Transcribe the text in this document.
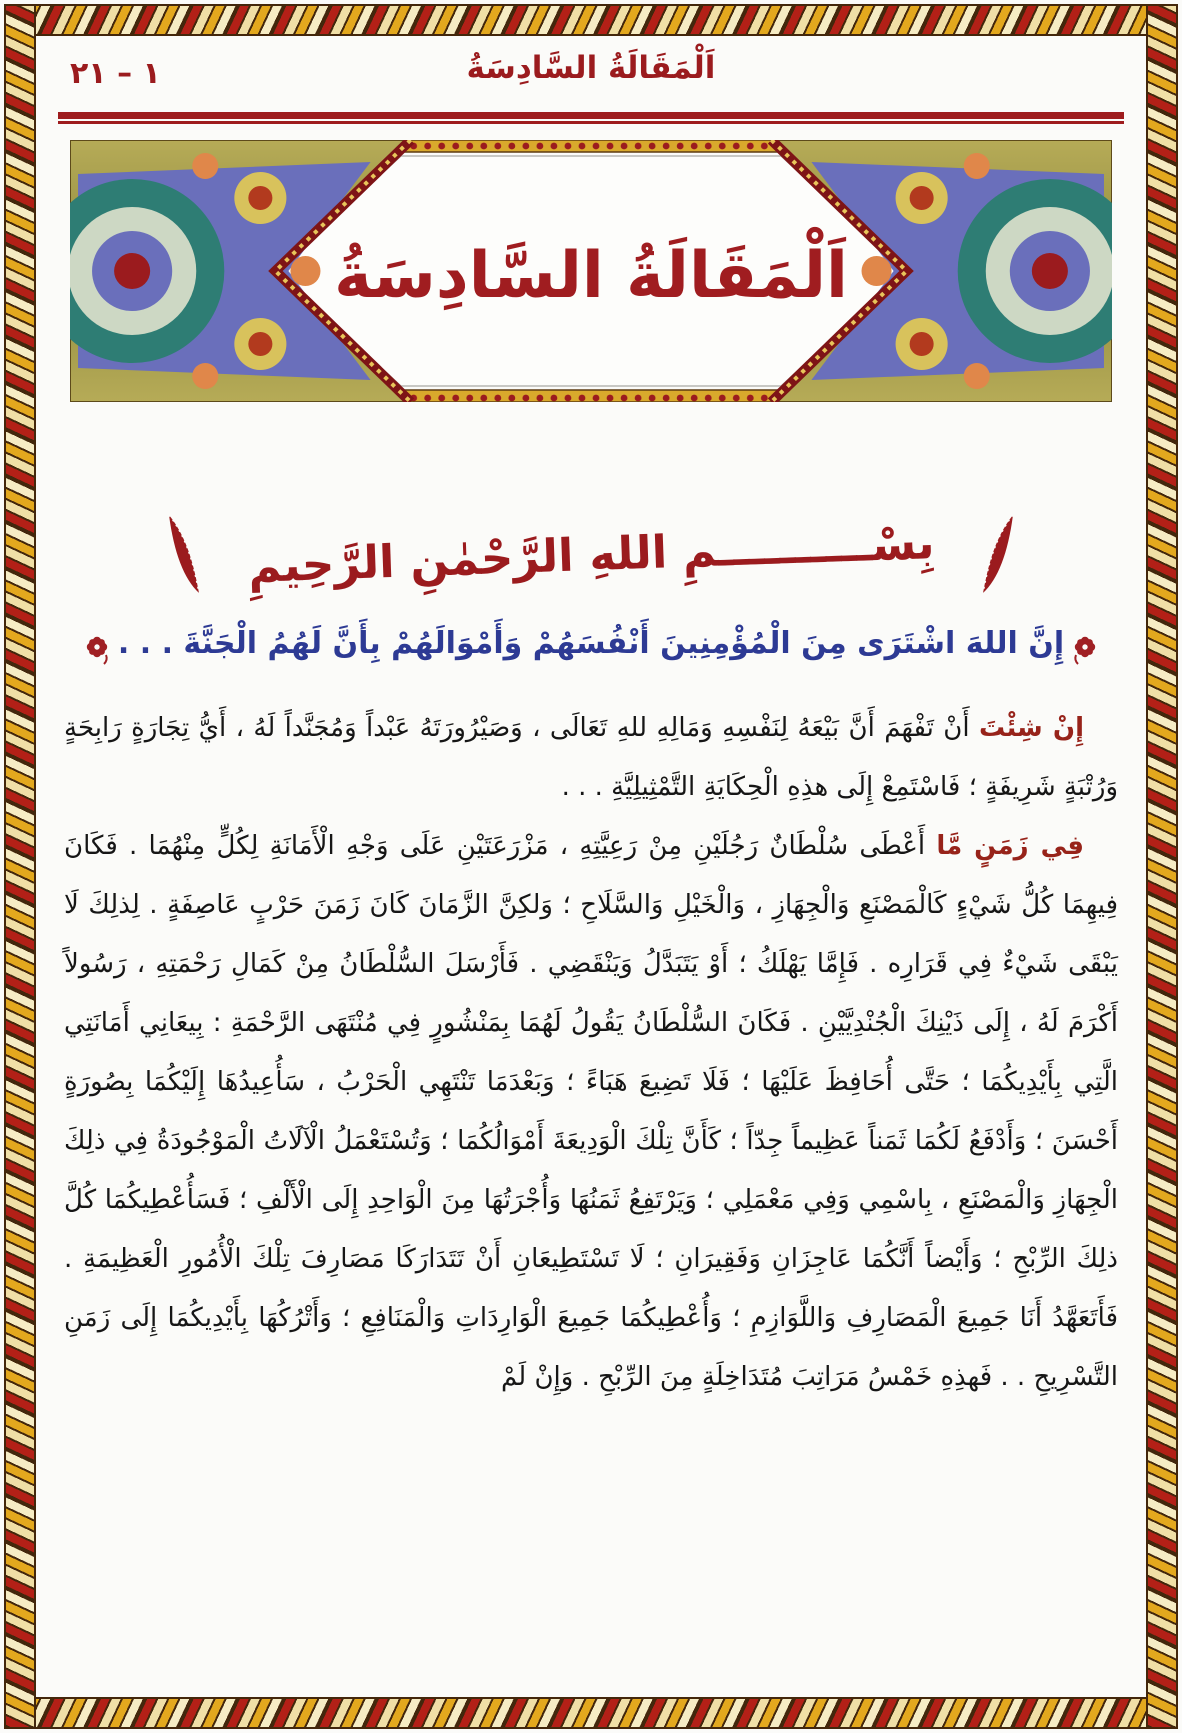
١ – ٢١	اَلْمَقَالَةُ السَّادِسَةُ
اَلْمَقَالَةُ السَّادِسَةُ
بِسْــــــــــمِ اللهِ الرَّحْمٰنِ الرَّحِيمِ
إِنَّ اللهَ اشْتَرَى مِنَ الْمُؤْمِنِينَ أَنْفُسَهُمْ وَأَمْوَالَهُمْ بِأَنَّ لَهُمُ الْجَنَّةَ . . .

إِنْ شِئْتَ أَنْ تَفْهَمَ أَنَّ بَيْعَهُ لِنَفْسِهِ وَمَالِهِ للهِ تَعَالَى ، وَصَيْرُورَتَهُ عَبْداً وَمُجَنَّداً لَهُ ، أَيُّ تِجَارَةٍ رَابِحَةٍ وَرُتْبَةٍ شَرِيفَةٍ ؛ فَاسْتَمِعْ إِلَى هذِهِ الْحِكَايَةِ التَّمْثِيلِيَّةِ . . .

فِي زَمَنٍ مَّا أَعْطَى سُلْطَانٌ رَجُلَيْنِ مِنْ رَعِيَّتِهِ ، مَزْرَعَتَيْنِ عَلَى وَجْهِ الْأَمَانَةِ لِكُلٍّ مِنْهُمَا . فَكَانَ فِيهِمَا كُلُّ شَيْءٍ كَالْمَصْنَعِ وَالْجِهَازِ ، وَالْخَيْلِ وَالسَّلَاحِ ؛ وَلكِنَّ الزَّمَانَ كَانَ زَمَنَ حَرْبٍ عَاصِفَةٍ . لِذلِكَ لَا يَبْقَى شَيْءٌ فِي قَرَارِه . فَإِمَّا يَهْلَكُ ؛ أَوْ يَتَبَدَّلُ وَيَنْقَضِي . فَأَرْسَلَ السُّلْطَانُ مِنْ كَمَالِ رَحْمَتِهِ ، رَسُولاً أَكْرَمَ لَهُ ، إِلَى ذَيْنِكَ الْجُنْدِيَّيْنِ . فَكَانَ السُّلْطَانُ يَقُولُ لَهُمَا بِمَنْشُورٍ فِي مُنْتَهَى الرَّحْمَةِ : بِيعَانِي أَمَانَتِي الَّتِي بِأَيْدِيكُمَا ؛ حَتَّى أُحَافِظَ عَلَيْهَا ؛ فَلَا تَضِيعَ هَبَاءً ؛ وَبَعْدَمَا تَنْتَهِي الْحَرْبُ ، سَأُعِيدُهَا إِلَيْكُمَا بِصُورَةٍ أَحْسَنَ ؛ وَأَدْفَعُ لَكُمَا ثَمَناً عَظِيماً جِدّاً ؛ كَأَنَّ تِلْكَ الْوَدِيعَةَ أَمْوَالُكُمَا ؛ وَتُسْتَعْمَلُ الْآلَاتُ الْمَوْجُودَةُ فِي ذلِكَ الْجِهَازِ وَالْمَصْنَعِ ، بِاسْمِي وَفِي مَعْمَلِي ؛ وَيَرْتَفِعُ ثَمَنُهَا وَأُجْرَتُهَا مِنَ الْوَاحِدِ إِلَى الْأَلْفِ ؛ فَسَأُعْطِيكُمَا كُلَّ ذلِكَ الرِّبْحِ ؛ وَأَيْضاً أَنَّكُمَا عَاجِزَانِ وَفَقِيرَانِ ؛ لَا تَسْتَطِيعَانِ أَنْ تَتَدَارَكَا مَصَارِفَ تِلْكَ الْأُمُورِ الْعَظِيمَةِ . فَأَتَعَهَّدُ أَنَا جَمِيعَ الْمَصَارِفِ وَاللَّوَازِمِ ؛ وَأُعْطِيكُمَا جَمِيعَ الْوَارِدَاتِ وَالْمَنَافِعِ ؛ وَأَتْرُكُهَا بِأَيْدِيكُمَا إِلَى زَمَنِ التَّسْرِيحِ . . فَهذِهِ خَمْسُ مَرَاتِبَ مُتَدَاخِلَةٍ مِنَ الرِّبْحِ . وَإِنْ لَمْ
